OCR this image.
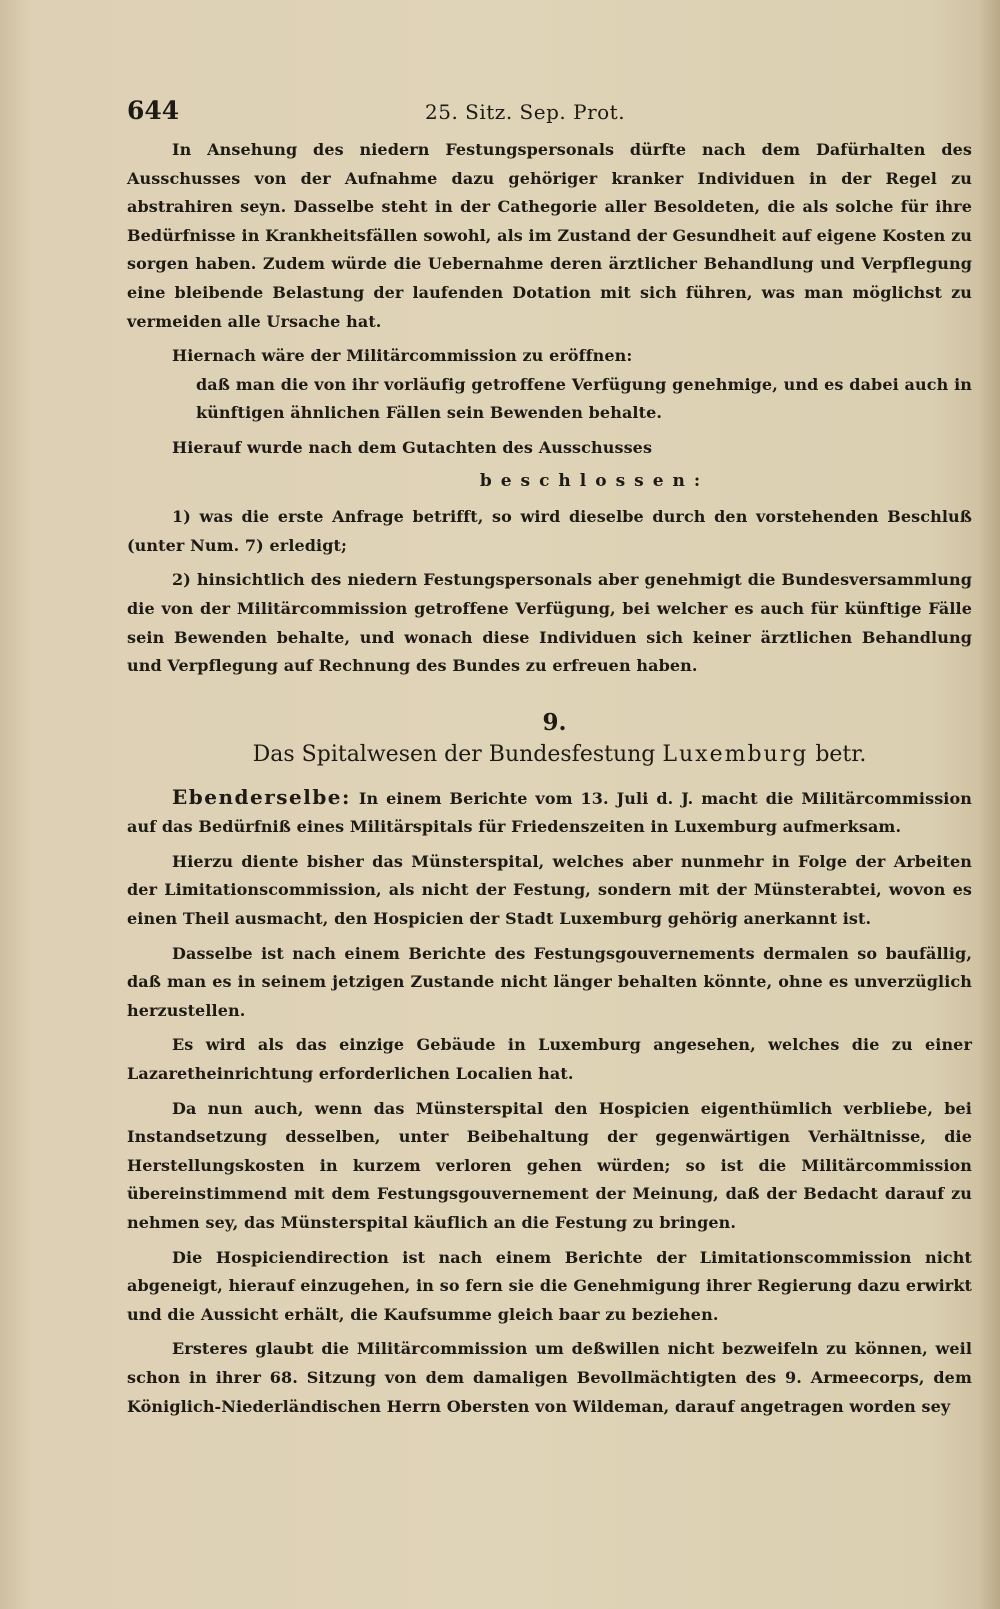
644	25. Sitz. Sep. Prot.

In Ansehung des niedern Festungspersonals dürfte nach dem Dafürhalten des Ausschusses von der Aufnahme dazu gehöriger kranker Individuen in der Regel zu abstrahiren seyn. Dasselbe steht in der Cathegorie aller Besoldeten, die als solche für ihre Bedürfnisse in Krankheitsfällen sowohl, als im Zustand der Gesundheit auf eigene Kosten zu sorgen haben. Zudem würde die Uebernahme deren ärztlicher Behandlung und Verpflegung eine bleibende Belastung der laufenden Dotation mit sich führen, was man möglichst zu vermeiden alle Ursache hat.

Hiernach wäre der Militärcommission zu eröffnen:

daß man die von ihr vorläufig getroffene Verfügung genehmige, und es dabei auch in künftigen ähnlichen Fällen sein Bewenden behalte.

Hierauf wurde nach dem Gutachten des Ausschusses

beschlossen:

1) was die erste Anfrage betrifft, so wird dieselbe durch den vorstehenden Beschluß (unter Num. 7) erledigt;

2) hinsichtlich des niedern Festungspersonals aber genehmigt die Bundesversammlung die von der Militärcommission getroffene Verfügung, bei welcher es auch für künftige Fälle sein Bewenden behalte, und wonach diese Individuen sich keiner ärztlichen Behandlung und Verpflegung auf Rechnung des Bundes zu erfreuen haben.

9.
Das Spitalwesen der Bundesfestung Luxemburg betr.

Ebenderselbe: In einem Berichte vom 13. Juli d. J. macht die Militärcommission auf das Bedürfniß eines Militärspitals für Friedenszeiten in Luxemburg aufmerksam.

Hierzu diente bisher das Münsterspital, welches aber nunmehr in Folge der Arbeiten der Limitationscommission, als nicht der Festung, sondern mit der Münsterabtei, wovon es einen Theil ausmacht, den Hospicien der Stadt Luxemburg gehörig anerkannt ist.

Dasselbe ist nach einem Berichte des Festungsgouvernements dermalen so baufällig, daß man es in seinem jetzigen Zustande nicht länger behalten könnte, ohne es unverzüglich herzustellen.

Es wird als das einzige Gebäude in Luxemburg angesehen, welches die zu einer Lazaretheinrichtung erforderlichen Localien hat.

Da nun auch, wenn das Münsterspital den Hospicien eigenthümlich verbliebe, bei Instandsetzung desselben, unter Beibehaltung der gegenwärtigen Verhältnisse, die Herstellungskosten in kurzem verloren gehen würden; so ist die Militärcommission übereinstimmend mit dem Festungsgouvernement der Meinung, daß der Bedacht darauf zu nehmen sey, das Münsterspital käuflich an die Festung zu bringen.

Die Hospiciendirection ist nach einem Berichte der Limitationscommission nicht abgeneigt, hierauf einzugehen, in so fern sie die Genehmigung ihrer Regierung dazu erwirkt und die Aussicht erhält, die Kaufsumme gleich baar zu beziehen.

Ersteres glaubt die Militärcommission um deßwillen nicht bezweifeln zu können, weil schon in ihrer 68. Sitzung von dem damaligen Bevollmächtigten des 9. Armeecorps, dem Königlich-Niederländischen Herrn Obersten von Wildeman, darauf angetragen worden sey
